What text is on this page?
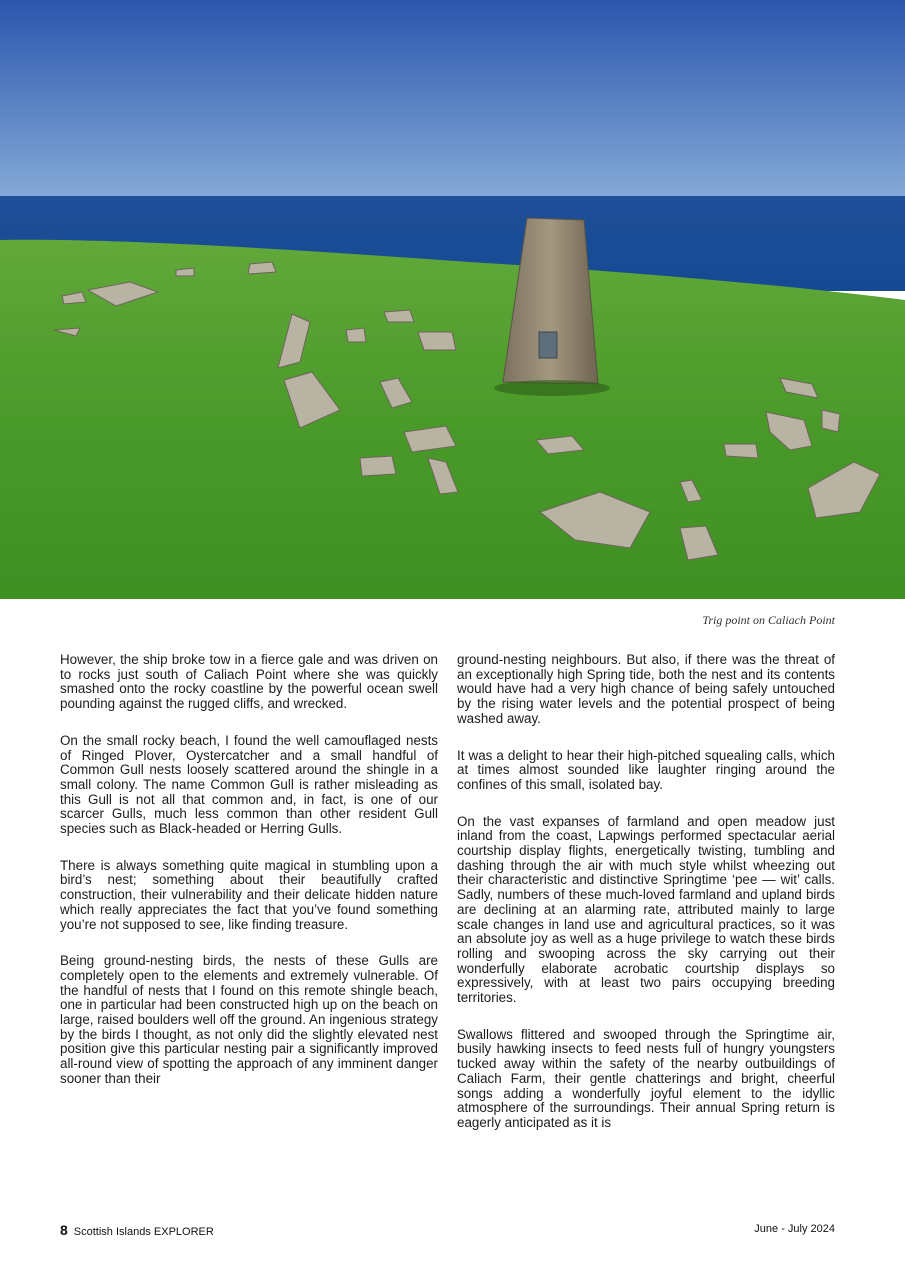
Trig point on Caliach Point

However, the ship broke tow in a fierce gale and was driven on to rocks just south of Caliach Point where she was quickly smashed onto the rocky coastline by the powerful ocean swell pounding against the rugged cliffs, and wrecked.

On the small rocky beach, I found the well camouflaged nests of Ringed Plover, Oystercatcher and a small handful of Common Gull nests loosely scattered around the shingle in a small colony. The name Common Gull is rather misleading as this Gull is not all that common and, in fact, is one of our scarcer Gulls, much less common than other resident Gull species such as Black-headed or Herring Gulls.

There is always something quite magical in stumbling upon a bird’s nest; something about their beautifully crafted construction, their vulnerability and their delicate hidden nature which really appreciates the fact that you’ve found something you’re not supposed to see, like finding treasure.

Being ground-nesting birds, the nests of these Gulls are completely open to the elements and extremely vulnerable. Of the handful of nests that I found on this remote shingle beach, one in particular had been constructed high up on the beach on large, raised boulders well off the ground. An ingenious strategy by the birds I thought, as not only did the slightly elevated nest position give this particular nesting pair a significantly improved all-round view of spotting the approach of any imminent danger sooner than their

ground-nesting neighbours. But also, if there was the threat of an exceptionally high Spring tide, both the nest and its contents would have had a very high chance of being safely untouched by the rising water levels and the potential prospect of being washed away.

It was a delight to hear their high-pitched squealing calls, which at times almost sounded like laughter ringing around the confines of this small, isolated bay.

On the vast expanses of farmland and open meadow just inland from the coast, Lapwings performed spectacular aerial courtship display flights, energetically twisting, tumbling and dashing through the air with much style whilst wheezing out their characteristic and distinctive Springtime ‘pee — wit’ calls. Sadly, numbers of these much-loved farmland and upland birds are declining at an alarming rate, attributed mainly to large scale changes in land use and agricultural practices, so it was an absolute joy as well as a huge privilege to watch these birds rolling and swooping across the sky carrying out their wonderfully elaborate acrobatic courtship displays so expressively, with at least two pairs occupying breeding territories.

Swallows flittered and swooped through the Springtime air, busily hawking insects to feed nests full of hungry youngsters tucked away within the safety of the nearby outbuildings of Caliach Farm, their gentle chatterings and bright, cheerful songs adding a wonderfully joyful element to the idyllic atmosphere of the surroundings. Their annual Spring return is eagerly anticipated as it is

8 Scottish Islands EXPLORER	June - July 2024
